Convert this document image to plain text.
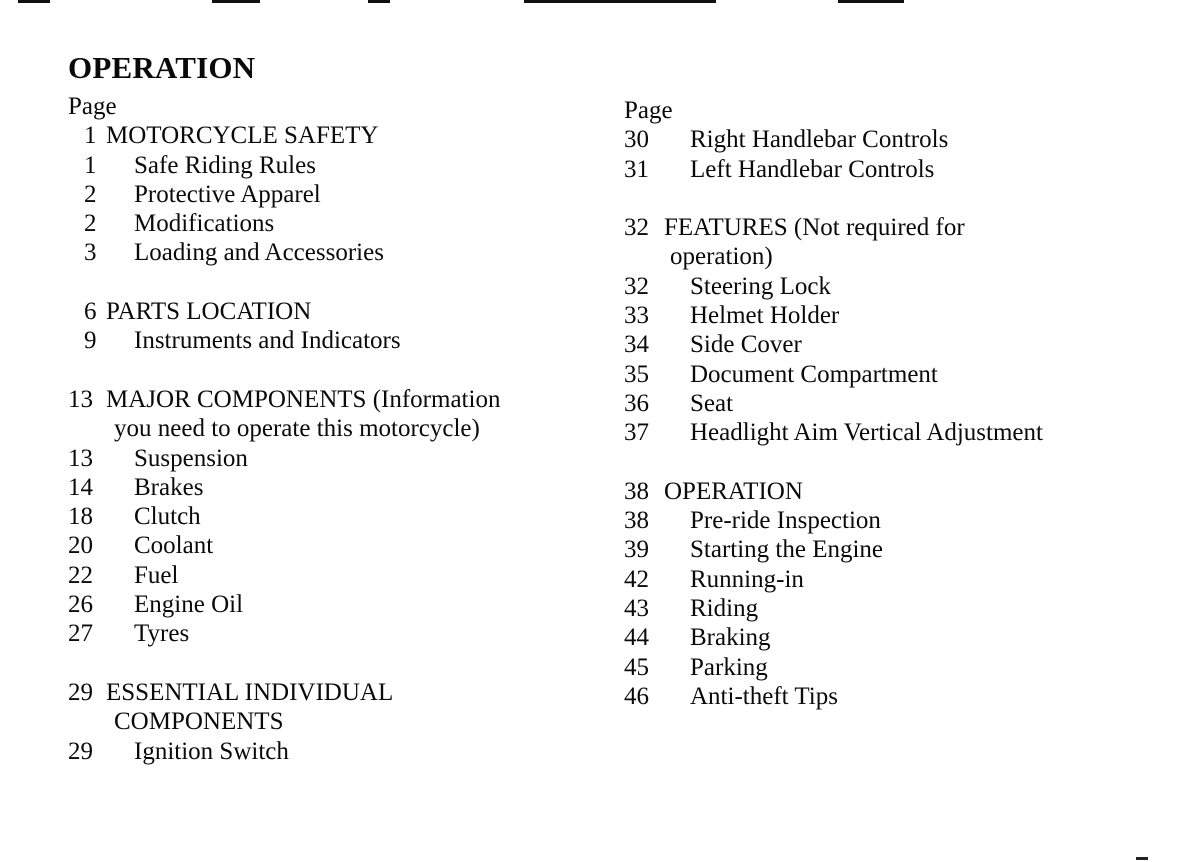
OPERATION
Page
1 MOTORCYCLE SAFETY
1 Safe Riding Rules
2 Protective Apparel
2 Modifications
3 Loading and Accessories
6 PARTS LOCATION
9 Instruments and Indicators
13 MAJOR COMPONENTS (Information
you need to operate this motorcycle)
13 Suspension
14 Brakes
18 Clutch
20 Coolant
22 Fuel
26 Engine Oil
27 Tyres
29 ESSENTIAL INDIVIDUAL
COMPONENTS
29 Ignition Switch
Page
30 Right Handlebar Controls
31 Left Handlebar Controls
32 FEATURES (Not required for
operation)
32 Steering Lock
33 Helmet Holder
34 Side Cover
35 Document Compartment
36 Seat
37 Headlight Aim Vertical Adjustment
38 OPERATION
38 Pre-ride Inspection
39 Starting the Engine
42 Running-in
43 Riding
44 Braking
45 Parking
46 Anti-theft Tips
